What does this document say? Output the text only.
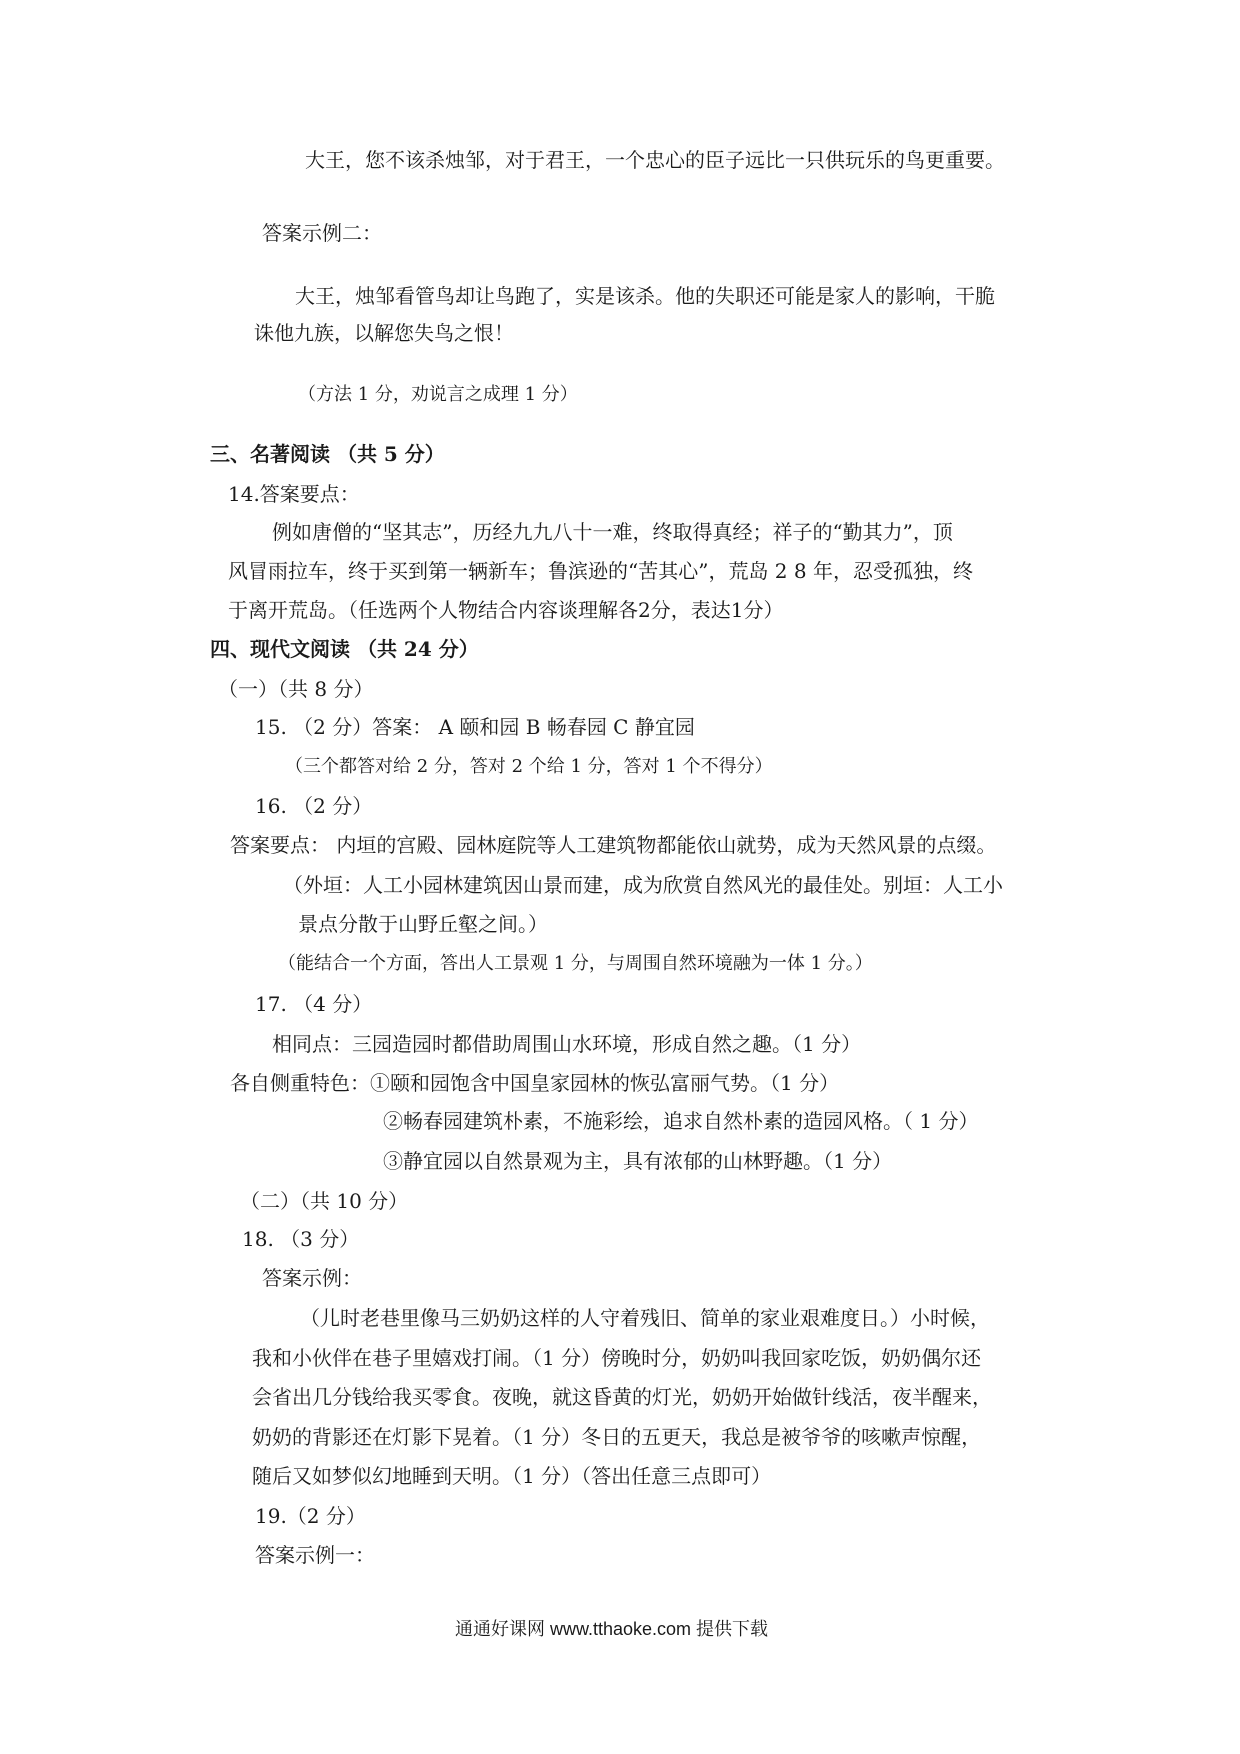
大王，您不该杀烛邹，对于君王，一个忠心的臣子远比一只供玩乐的鸟更重要。
答案示例二：
大王，烛邹看管鸟却让鸟跑了，实是该杀。他的失职还可能是家人的影响，干脆
诛他九族，以解您失鸟之恨！
（方法 1 分，劝说言之成理 1 分）
三、名著阅读 （共 5 分）
14.答案要点：
例如唐僧的“坚其志”，历经九九八十一难，终取得真经；祥子的“勤其力”，顶
风冒雨拉车，终于买到第一辆新车；鲁滨逊的“苦其心”，荒岛 2 8 年，忍受孤独，终
于离开荒岛。（任选两个人物结合内容谈理解各2分，表达1分）
四、现代文阅读 （共 24 分）
（一）（共 8 分）
15. （2 分）答案： A 颐和园 B 畅春园 C 静宜园
（三个都答对给 2 分，答对 2 个给 1 分，答对 1 个不得分）
16. （2 分）
答案要点： 内垣的宫殿、园林庭院等人工建筑物都能依山就势，成为天然风景的点缀。
（外垣：人工小园林建筑因山景而建，成为欣赏自然风光的最佳处。别垣：人工小
景点分散于山野丘壑之间。）
（能结合一个方面，答出人工景观 1 分，与周围自然环境融为一体 1 分。）
17. （4 分）
相同点：三园造园时都借助周围山水环境，形成自然之趣。（1 分）
各自侧重特色：①颐和园饱含中国皇家园林的恢弘富丽气势。（1 分）
②畅春园建筑朴素，不施彩绘，追求自然朴素的造园风格。（ 1 分）
③静宜园以自然景观为主，具有浓郁的山林野趣。（1 分）
（二）（共 10 分）
18. （3 分）
答案示例：
（儿时老巷里像马三奶奶这样的人守着残旧、简单的家业艰难度日。）小时候，
我和小伙伴在巷子里嬉戏打闹。（1 分）傍晚时分，奶奶叫我回家吃饭，奶奶偶尔还
会省出几分钱给我买零食。夜晚，就这昏黄的灯光，奶奶开始做针线活，夜半醒来，
奶奶的背影还在灯影下晃着。（1 分）冬日的五更天，我总是被爷爷的咳嗽声惊醒，
随后又如梦似幻地睡到天明。（1 分）（答出任意三点即可）
19.（2 分）
答案示例一：
通通好课网 www.tthaoke.com 提供下载
